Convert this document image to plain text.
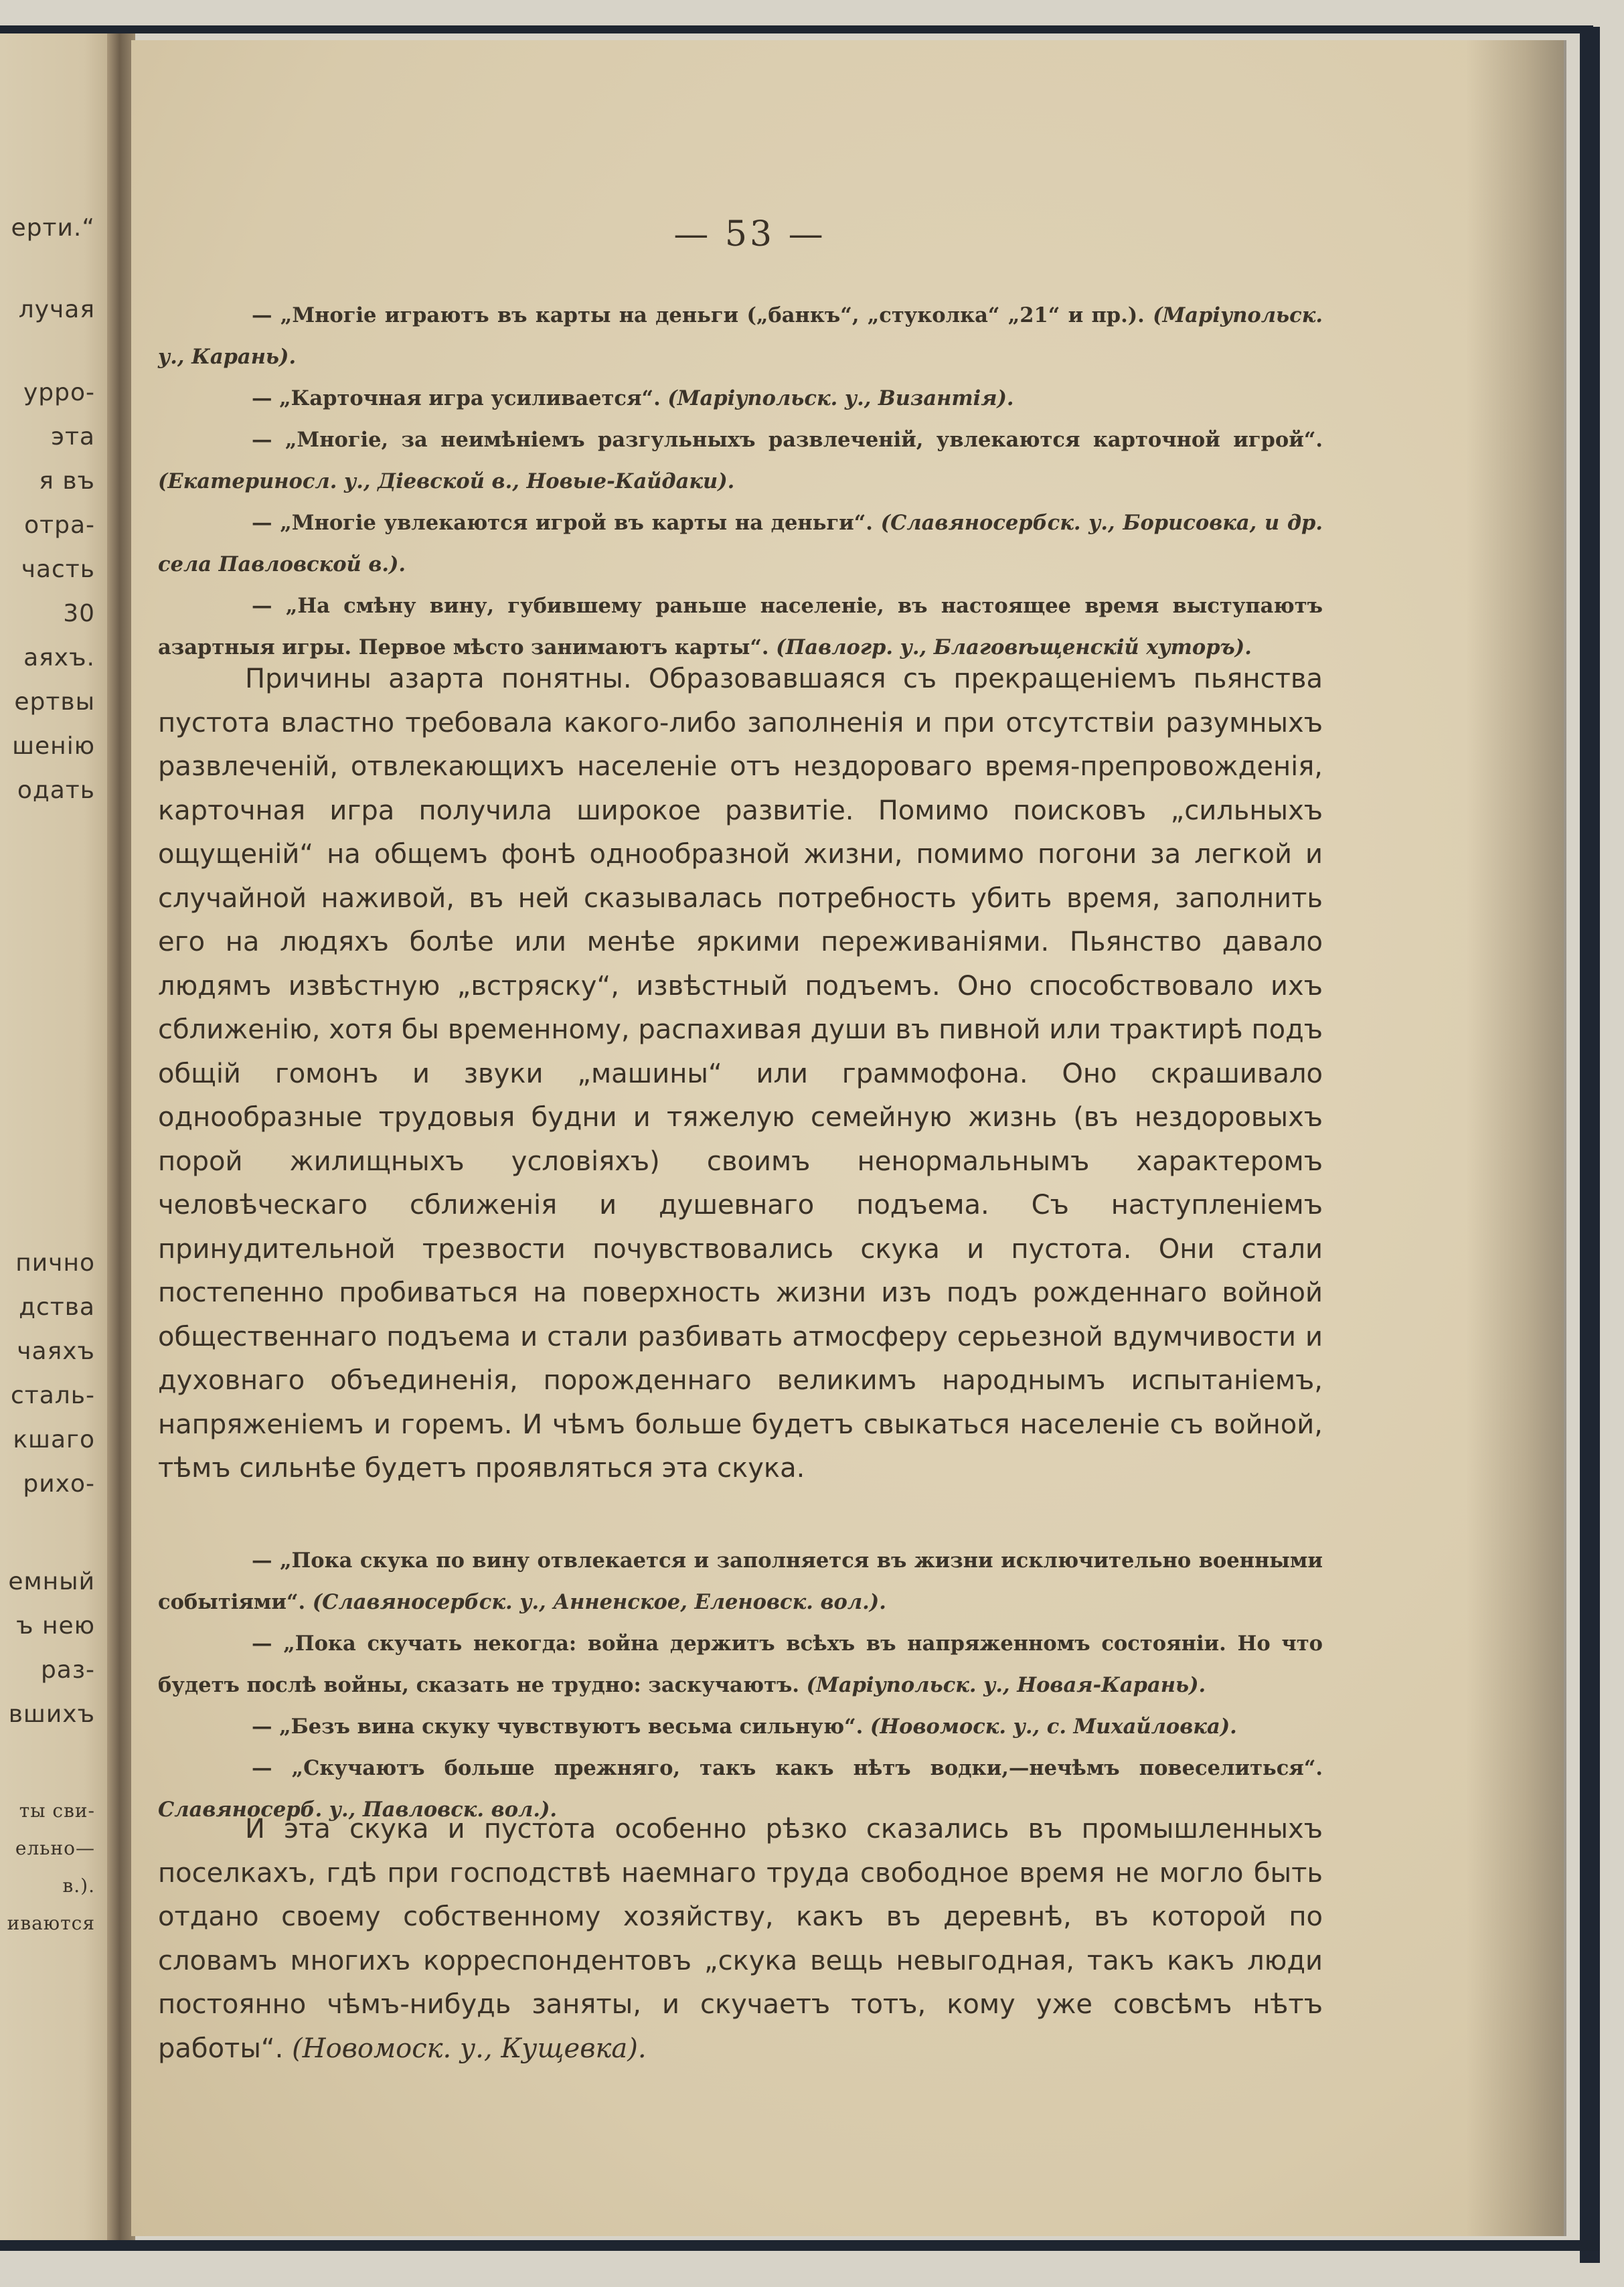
ерти.“
лучая
урро-
эта
я въ
отра-
часть
30
аяхъ.
ертвы
шенію
одать
пично
дства
чаяхъ
сталь-
кшаго
рихо-
емный
ъ нею
раз-
вшихъ
ты сви-
ельно—
в.).
иваются
— 53 —

— „Многіе играютъ въ карты на деньги („банкъ“, „стуколка“ „21“ и пр.). (Маріупольск. у., Карань).

— „Карточная игра усиливается“. (Маріупольск. у., Византія).

— „Многіе, за неимѣніемъ разгульныхъ развлеченій, увлекаются карточной игрой“. (Екатериносл. у., Дiевской в., Новые-Кайдаки).

— „Многіе увлекаются игрой въ карты на деньги“. (Славяносербск. у., Борисовка, и др. села Павловской в.).

— „На смѣну вину, губившему раньше населеніе, въ настоящее время выступаютъ азартныя игры. Первое мѣсто занимаютъ карты“. (Павлогр. у., Благовѣщенскій хуторъ).

Причины азарта понятны. Образовавшаяся съ прекращеніемъ пьянства пустота властно требовала какого-либо заполненія и при отсутствіи разумныхъ развлеченій, отвлекающихъ населеніе отъ нездороваго время-препровожденія, карточная игра получила широкое развитіе. Помимо поисковъ „сильныхъ ощущеній“ на общемъ фонѣ однообразной жизни, помимо погони за легкой и случайной наживой, въ ней сказывалась потребность убить время, заполнить его на людяхъ болѣе или менѣе яркими переживаніями. Пьянство давало людямъ извѣстную „встряску“, извѣстный подъемъ. Оно способствовало ихъ сближенію, хотя бы временному, распахивая души въ пивной или трактирѣ подъ общій гомонъ и звуки „машины“ или граммофона. Оно скрашивало однообразные трудовыя будни и тяжелую семейную жизнь (въ нездоровыхъ порой жилищныхъ условіяхъ) своимъ ненормальнымъ характеромъ человѣческаго сближенія и душевнаго подъема. Съ наступленіемъ принудительной трезвости почувствовались скука и пустота. Они стали постепенно пробиваться на поверхность жизни изъ подъ рожденнаго войной общественнаго подъема и стали разбивать атмосферу серьезной вдумчивости и духовнаго объединенія, порожденнаго великимъ народнымъ испытаніемъ, напряженіемъ и горемъ. И чѣмъ больше будетъ свыкаться населеніе съ войной, тѣмъ сильнѣе будетъ проявляться эта скука.

— „Пока скука по вину отвлекается и заполняется въ жизни исключительно военными событіями“. (Славяносербск. у., Анненское, Еленовск. вол.).

— „Пока скучать некогда: война держитъ всѣхъ въ напряженномъ состояніи. Но что будетъ послѣ войны, сказать не трудно: заскучаютъ. (Маріупольск. у., Новая-Карань).

— „Безъ вина скуку чувствуютъ весьма сильную“. (Новомоск. у., с. Михайловка).

— „Скучаютъ больше прежняго, такъ какъ нѣтъ водки,—нечѣмъ повеселиться“. Славяносерб. у., Павловск. вол.).

И эта скука и пустота особенно рѣзко сказались въ промышленныхъ поселкахъ, гдѣ при господствѣ наемнаго труда свободное время не могло быть отдано своему собственному хозяйству, какъ въ деревнѣ, въ которой по словамъ многихъ корреспондентовъ „скука вещь невыгодная, такъ какъ люди постоянно чѣмъ-нибудь заняты, и скучаетъ тотъ, кому уже совсѣмъ нѣтъ работы“. (Новомоск. у., Кущевка).
